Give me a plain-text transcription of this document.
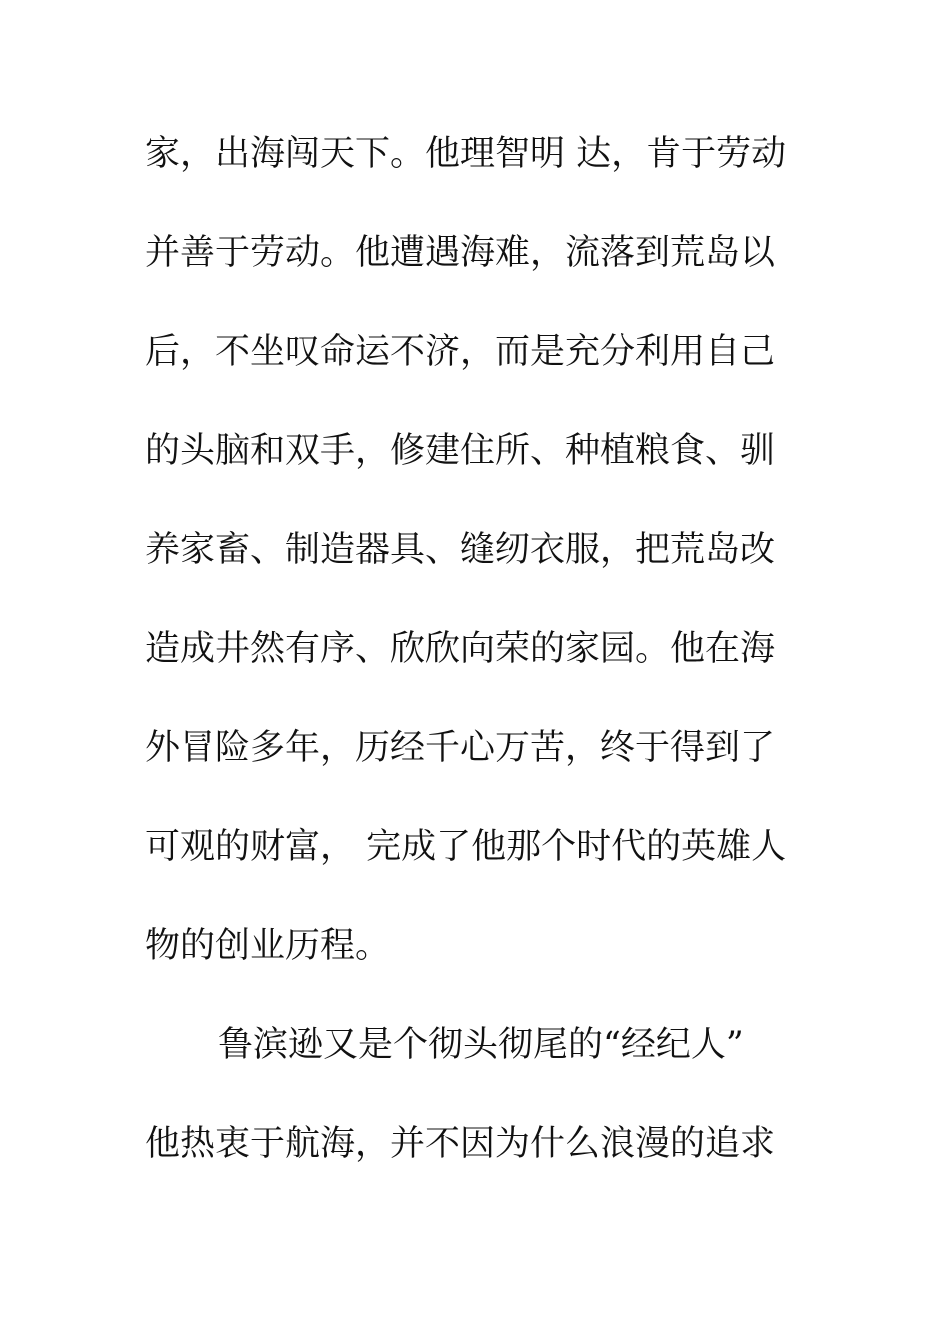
家，出海闯天下。他理智明 达，肯于劳动
并善于劳动。他遭遇海难，流落到荒岛以
后，不坐叹命运不济，而是充分利用自己
的头脑和双手，修建住所、种植粮食、驯
养家畜、制造器具、缝纫衣服，把荒岛改
造成井然有序、欣欣向荣的家园。他在海
外冒险多年，历经千心万苦，终于得到了
可观的财富， 完成了他那个时代的英雄人
物的创业历程。
鲁滨逊又是个彻头彻尾的“经纪人”
他热衷于航海，并不因为什么浪漫的追求
